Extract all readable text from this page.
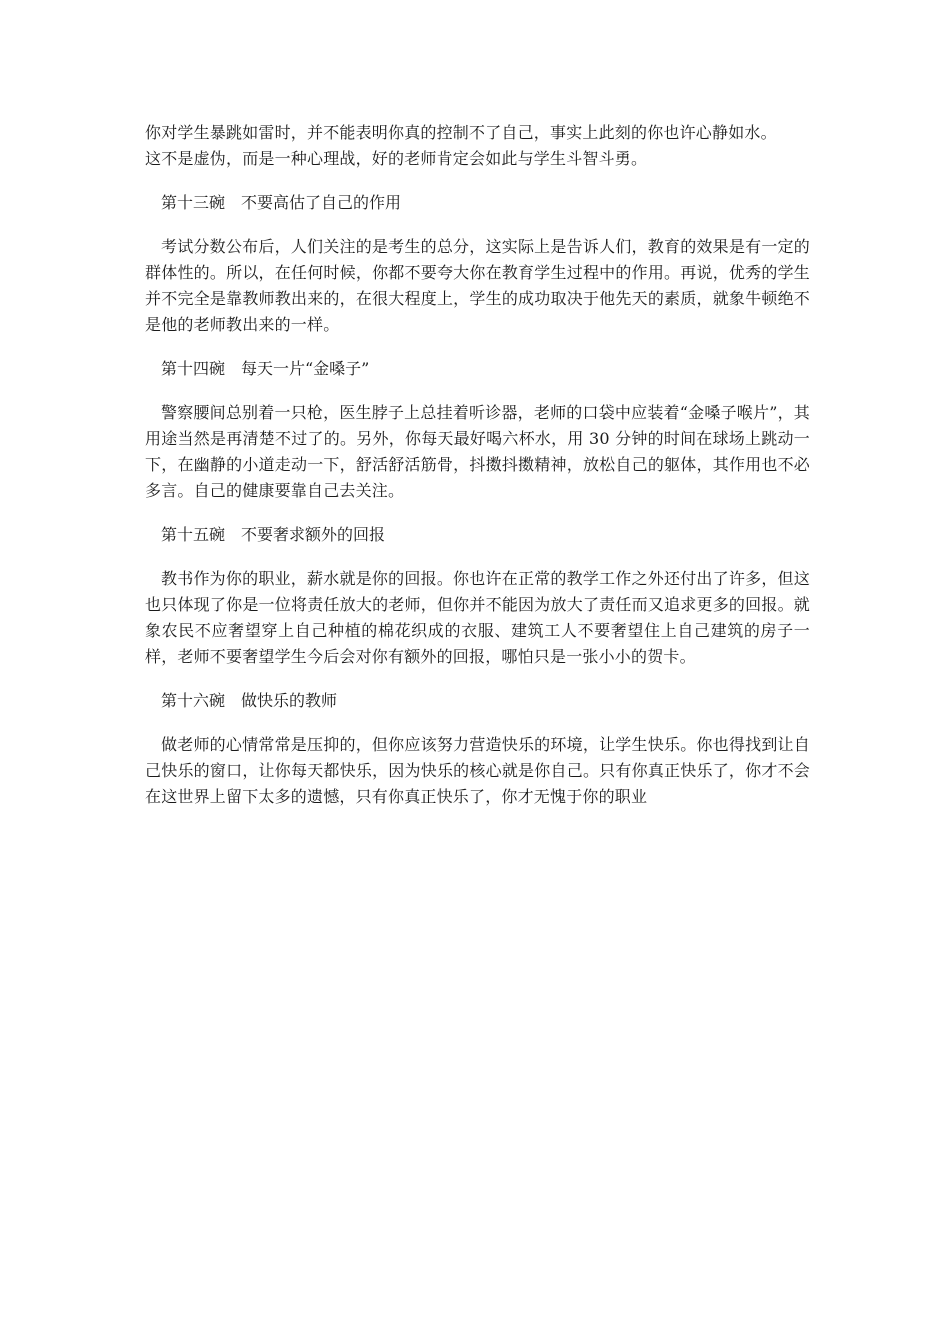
你对学生暴跳如雷时，并不能表明你真的控制不了自己，事实上此刻的你也许心静如水。

这不是虚伪，而是一种心理战，好的老师肯定会如此与学生斗智斗勇。

第十三碗　不要高估了自己的作用

考试分数公布后，人们关注的是考生的总分，这实际上是告诉人们，教育的效果是有一定的群体性的。所以，在任何时候，你都不要夸大你在教育学生过程中的作用。再说，优秀的学生并不完全是靠教师教出来的，在很大程度上，学生的成功取决于他先天的素质，就象牛顿绝不是他的老师教出来的一样。

第十四碗　每天一片“金嗓子”

警察腰间总别着一只枪，医生脖子上总挂着听诊器，老师的口袋中应装着“金嗓子喉片”，其用途当然是再清楚不过了的。另外，你每天最好喝六杯水，用 30 分钟的时间在球场上跳动一下，在幽静的小道走动一下，舒活舒活筋骨，抖擞抖擞精神，放松自己的躯体，其作用也不必多言。自己的健康要靠自己去关注。

第十五碗　不要奢求额外的回报

教书作为你的职业，薪水就是你的回报。你也许在正常的教学工作之外还付出了许多，但这也只体现了你是一位将责任放大的老师，但你并不能因为放大了责任而又追求更多的回报。就象农民不应奢望穿上自己种植的棉花织成的衣服、建筑工人不要奢望住上自己建筑的房子一样，老师不要奢望学生今后会对你有额外的回报，哪怕只是一张小小的贺卡。

第十六碗　做快乐的教师

做老师的心情常常是压抑的，但你应该努力营造快乐的环境，让学生快乐。你也得找到让自己快乐的窗口，让你每天都快乐，因为快乐的核心就是你自己。只有你真正快乐了，你才不会在这世界上留下太多的遗憾，只有你真正快乐了，你才无愧于你的职业
